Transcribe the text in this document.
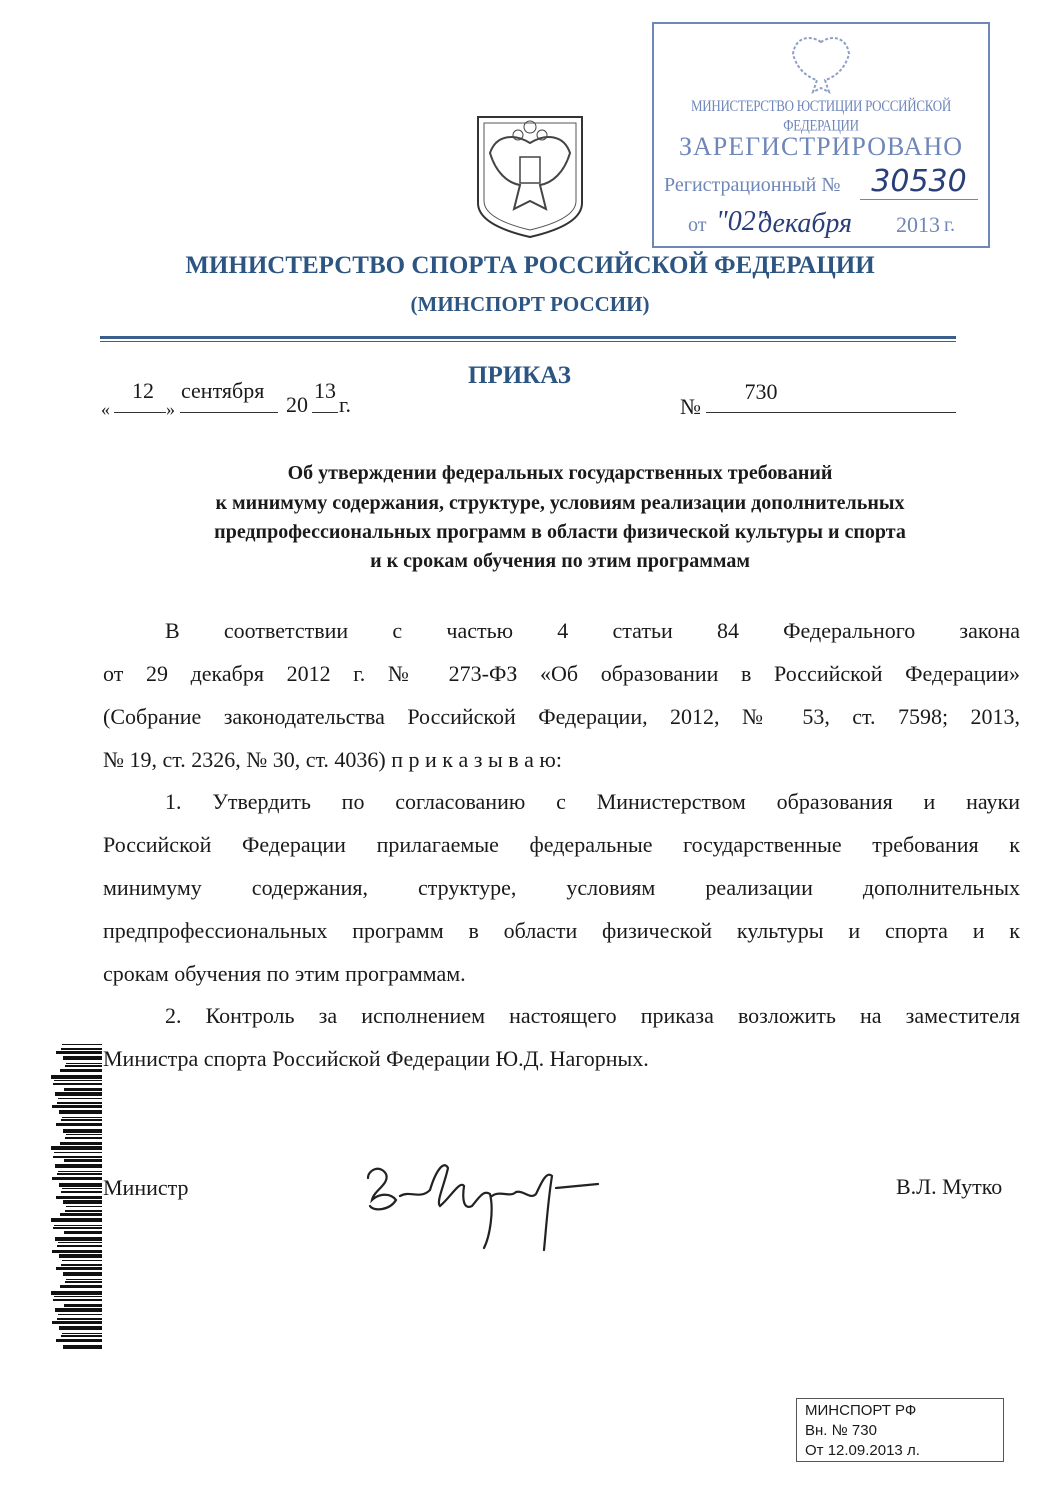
МИНИСТЕРСТВО ЮСТИЦИИ РОССИЙСКОЙ ФЕДЕРАЦИИ
ЗАРЕГИСТРИРОВАНО
Регистрационный №	30530
от "02"
декабря 2013 г.
МИНИСТЕРСТВО СПОРТА РОССИЙСКОЙ ФЕДЕРАЦИИ
(МИНСПОРТ РОССИИ)
ПРИКАЗ
«
12
»
сентября
20
13
г.	№
730
Об утверждении федеральных государственных требований
к минимуму содержания, структуре, условиям реализации дополнительных
предпрофессиональных программ в области физической культуры и спорта
и к срокам обучения по этим программам
В соответствии с частью 4 статьи 84 Федерального закона
от 29 декабря 2012 г. № 273-ФЗ «Об образовании в Российской Федерации»
(Собрание законодательства Российской Федерации, 2012, № 53, ст. 7598; 2013,
№ 19, ст. 2326, № 30, ст. 4036) п р и к а з ы в а ю:
1. Утвердить по согласованию с Министерством образования и науки
Российской Федерации прилагаемые федеральные государственные требования к
минимуму содержания, структуре, условиям реализации дополнительных
предпрофессиональных программ в области физической культуры и спорта и к
срокам обучения по этим программам.
2. Контроль за исполнением настоящего приказа возложить на заместителя
Министра спорта Российской Федерации Ю.Д. Нагорных.
Министр	В.Л. Мутко
МИНСПОРТ РФ
Вн. № 730
От 12.09.2013 л.
